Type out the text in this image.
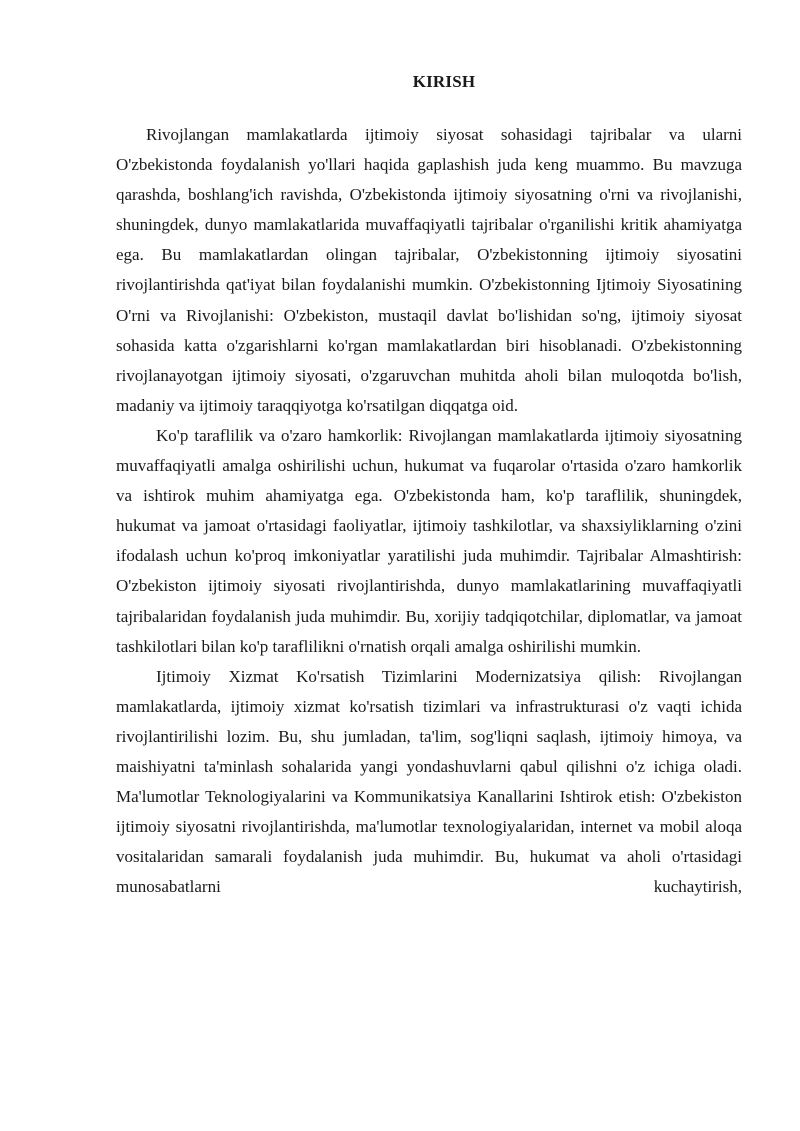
KIRISH

Rivojlangan mamlakatlarda ijtimoiy siyosat sohasidagi tajribalar va ularni O'zbekistonda foydalanish yo'llari haqida gaplashish juda keng muammo. Bu mavzuga qarashda, boshlang'ich ravishda, O'zbekistonda ijtimoiy siyosatning o'rni va rivojlanishi, shuningdek, dunyo mamlakatlarida muvaffaqiyatli tajribalar o'rganilishi kritik ahamiyatga ega. Bu mamlakatlardan olingan tajribalar, O'zbekistonning ijtimoiy siyosatini rivojlantirishda qat'iyat bilan foydalanishi mumkin. O'zbekistonning Ijtimoiy Siyosatining O'rni va Rivojlanishi: O'zbekiston, mustaqil davlat bo'lishidan so'ng, ijtimoiy siyosat sohasida katta o'zgarishlarni ko'rgan mamlakatlardan biri hisoblanadi. O'zbekistonning rivojlanayotgan ijtimoiy siyosati, o'zgaruvchan muhitda aholi bilan muloqotda bo'lish, madaniy va ijtimoiy taraqqiyotga ko'rsatilgan diqqatga oid.

Ko'p taraflilik va o'zaro hamkorlik: Rivojlangan mamlakatlarda ijtimoiy siyosatning muvaffaqiyatli amalga oshirilishi uchun, hukumat va fuqarolar o'rtasida o'zaro hamkorlik va ishtirok muhim ahamiyatga ega. O'zbekistonda ham, ko'p taraflilik, shuningdek, hukumat va jamoat o'rtasidagi faoliyatlar, ijtimoiy tashkilotlar, va shaxsiyliklarning o'zini ifodalash uchun ko'proq imkoniyatlar yaratilishi juda muhimdir. Tajribalar Almashtirish: O'zbekiston ijtimoiy siyosati rivojlantirishda, dunyo mamlakatlarining muvaffaqiyatli tajribalaridan foydalanish juda muhimdir. Bu, xorijiy tadqiqotchilar, diplomatlar, va jamoat tashkilotlari bilan ko'p taraflilikni o'rnatish orqali amalga oshirilishi mumkin.

Ijtimoiy Xizmat Ko'rsatish Tizimlarini Modernizatsiya qilish: Rivojlangan mamlakatlarda, ijtimoiy xizmat ko'rsatish tizimlari va infrastrukturasi o'z vaqti ichida rivojlantirilishi lozim. Bu, shu jumladan, ta'lim, sog'liqni saqlash, ijtimoiy himoya, va maishiyatni ta'minlash sohalarida yangi yondashuvlarni qabul qilishni o'z ichiga oladi. Ma'lumotlar Teknologiyalarini va Kommunikatsiya Kanallarini Ishtirok etish: O'zbekiston ijtimoiy siyosatni rivojlantirishda, ma'lumotlar texnologiyalaridan, internet va mobil aloqa vositalaridan samarali foydalanish juda muhimdir. Bu, hukumat va aholi o'rtasidagi munosabatlarni kuchaytirish,
